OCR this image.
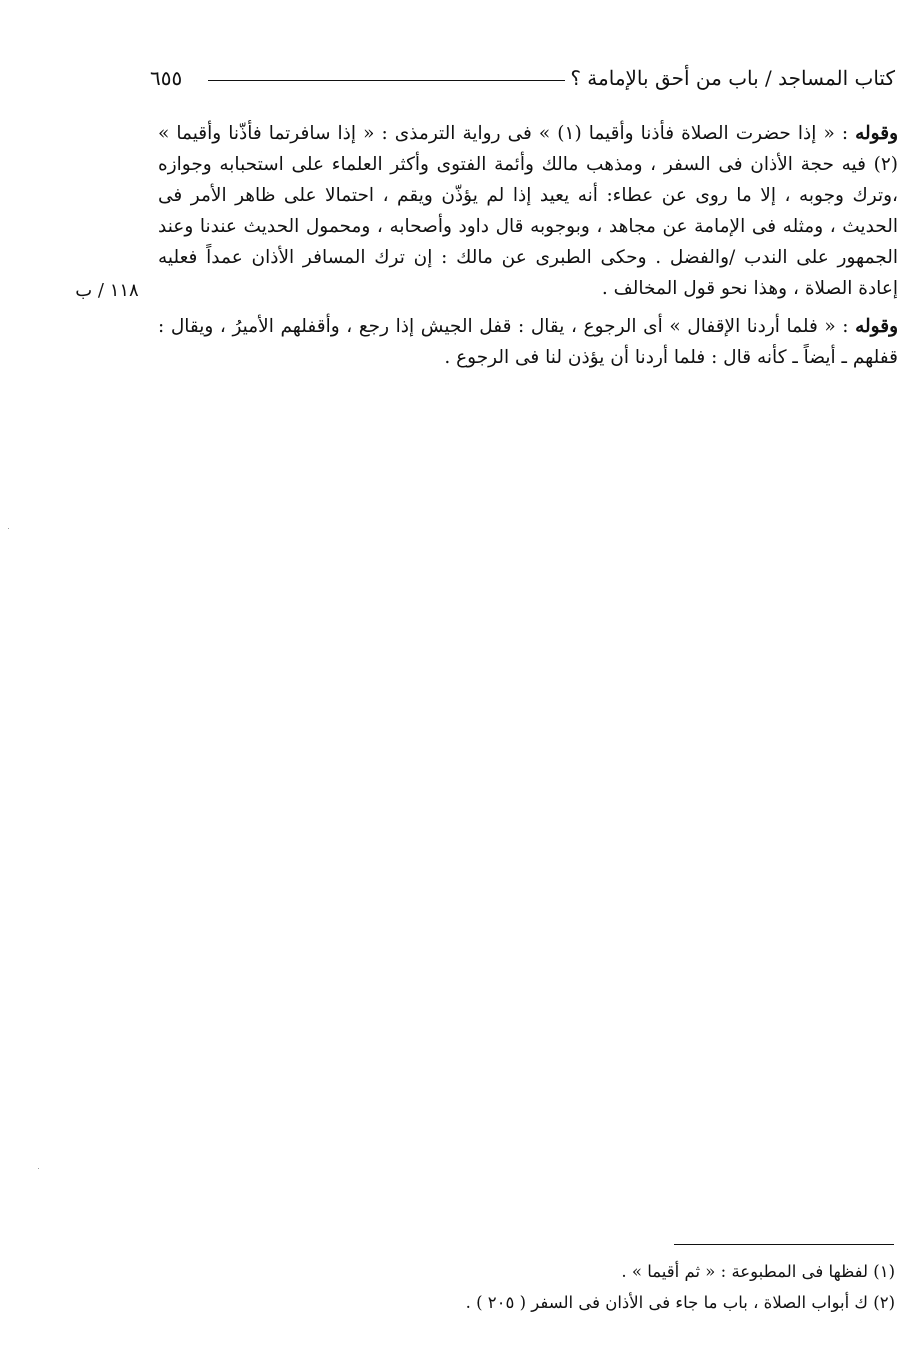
كتاب المساجد / باب من أحق بالإمامة ؟
٦٥٥

وقوله : « إذا حضرت الصلاة فأذنا وأقيما (١) » فى رواية الترمذى : « إذا سافرتما فأذّنا وأقيما » (٢) فيه حجة الأذان فى السفر ، ومذهب مالك وأئمة الفتوى وأكثر العلماء على استحبابه وجوازه ،وترك وجوبه ، إلا ما روى عن عطاء: أنه يعيد إذا لم يؤذّن ويقم ، احتمالا على ظاهر الأمر فى الحديث ، ومثله فى الإمامة عن مجاهد ، وبوجوبه قال داود وأصحابه ، ومحمول الحديث عندنا وعند الجمهور على الندب /والفضل . وحكى الطبرى عن مالك : إن ترك المسافر الأذان عمداً فعليه إعادة الصلاة ، وهذا نحو قول المخالف .

وقوله : « فلما أردنا الإقفال » أى الرجوع ، يقال : قفل الجيش إذا رجع ، وأقفلهم الأميرُ ، ويقال : قفلهم ـ أيضاً ـ كأنه قال : فلما أردنا أن يؤذن لنا فى الرجوع .

١١٨ / ب

(١) لفظها فى المطبوعة : « ثم أقيما » .

(٢) ك أبواب الصلاة ، باب ما جاء فى الأذان فى السفر ( ٢٠٥ ) .
